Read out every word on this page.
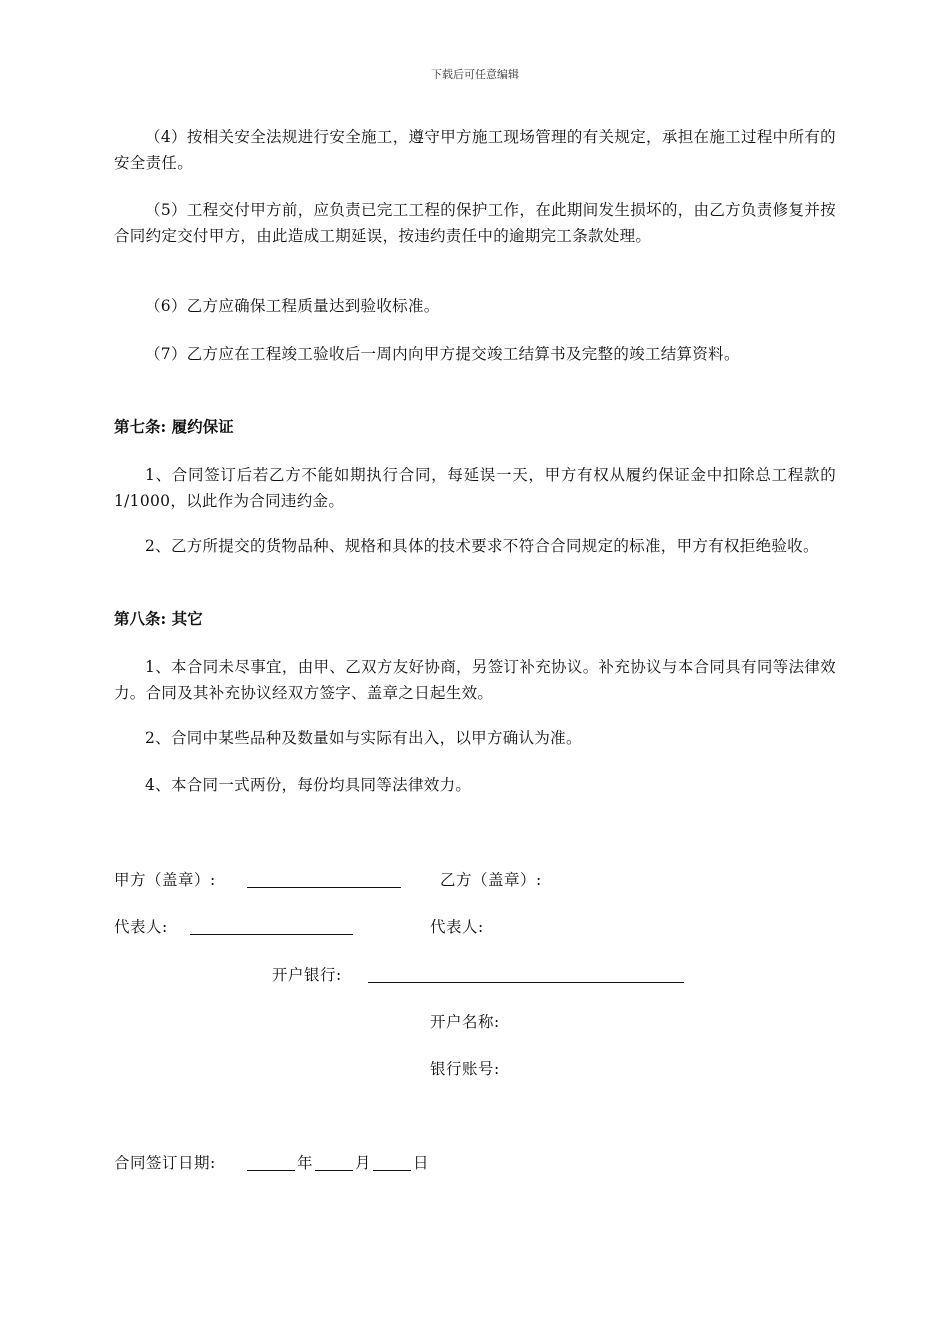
下载后可任意编辑
（4）按相关安全法规进行安全施工，遵守甲方施工现场管理的有关规定，承担在施工过程中所有的安全责任。
（5）工程交付甲方前，应负责已完工工程的保护工作，在此期间发生损坏的，由乙方负责修复并按合同约定交付甲方，由此造成工期延误，按违约责任中的逾期完工条款处理。
（6）乙方应确保工程质量达到验收标准。
（7）乙方应在工程竣工验收后一周内向甲方提交竣工结算书及完整的竣工结算资料。
第七条: 履约保证
1、合同签订后若乙方不能如期执行合同，每延误一天，甲方有权从履约保证金中扣除总工程款的 1/1000，以此作为合同违约金。
2、乙方所提交的货物品种、规格和具体的技术要求不符合合同规定的标准，甲方有权拒绝验收。
第八条: 其它
1、本合同未尽事宜，由甲、乙双方友好协商，另签订补充协议。补充协议与本合同具有同等法律效力。合同及其补充协议经双方签字、盖章之日起生效。
2、合同中某些品种及数量如与实际有出入，以甲方确认为准。
4、本合同一式两份，每份均具同等法律效力。
甲方（盖章）:	乙方（盖章）:
代表人:	代表人:
开户银行:
开户名称:
银行账号:
合同签订日期:	年	月	日
